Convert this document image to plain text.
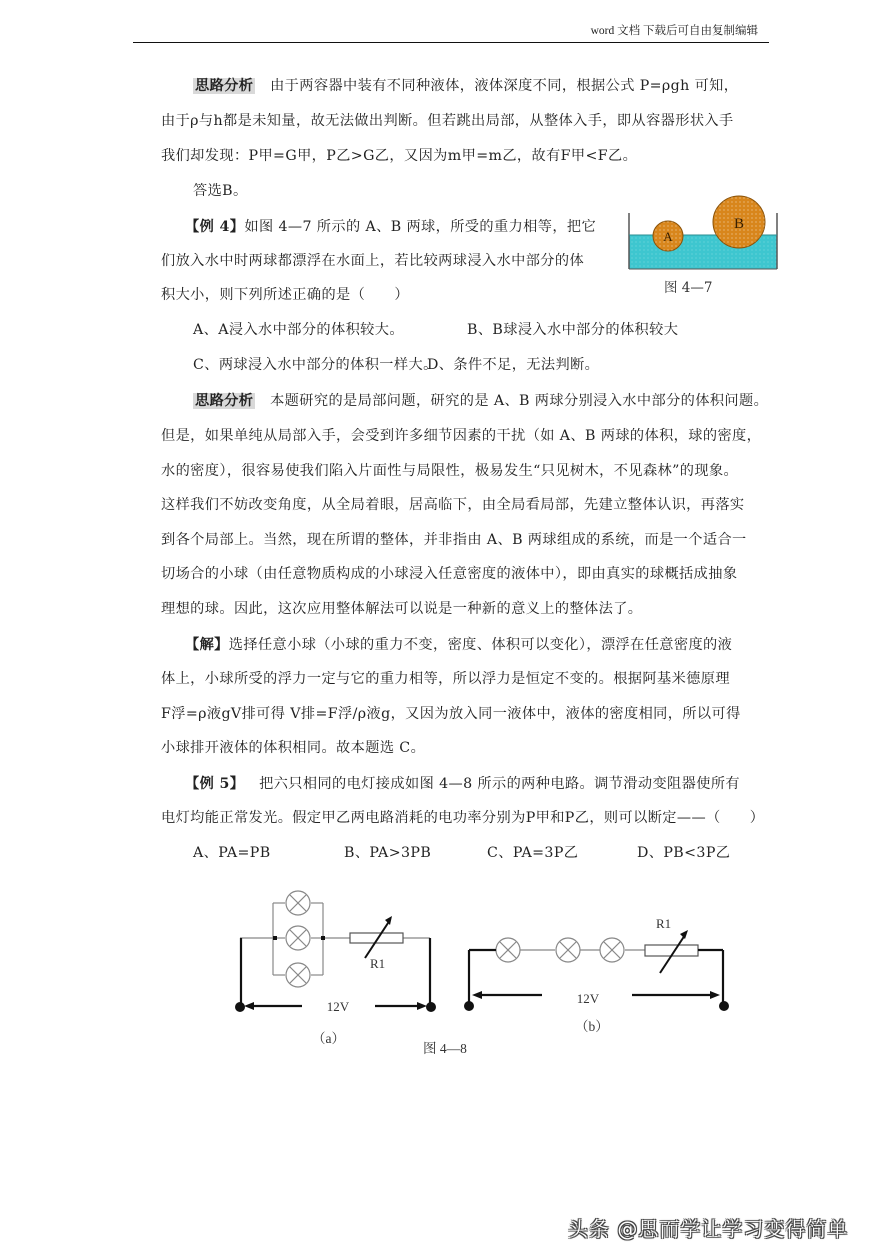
word 文档 下载后可自由复制编辑
思路分析 由于两容器中装有不同种液体，液体深度不同，根据公式 P=ρgh 可知，
由于ρ与h都是未知量，故无法做出判断。但若跳出局部，从整体入手，即从容器形状入手
我们却发现：P甲=G甲，P乙>G乙，又因为m甲=m乙，故有F甲<F乙。
答选B。
【例 4】如图 4—7 所示的 A、B 两球，所受的重力相等，把它
们放入水中时两球都漂浮在水面上，若比较两球浸入水中部分的体
积大小，则下列所述正确的是（　　）
A、A浸入水中部分的体积较大。	B、B球浸入水中部分的体积较大
C、两球浸入水中部分的体积一样大。
D、条件不足，无法判断。
A
B
图 4—7
思路分析 本题研究的是局部问题，研究的是 A、B 两球分别浸入水中部分的体积问题。
但是，如果单纯从局部入手，会受到许多细节因素的干扰（如 A、B 两球的体积，球的密度，
水的密度），很容易使我们陷入片面性与局限性，极易发生“只见树木，不见森林”的现象。
这样我们不妨改变角度，从全局着眼，居高临下，由全局看局部，先建立整体认识，再落实
到各个局部上。当然，现在所谓的整体，并非指由 A、B 两球组成的系统，而是一个适合一
切场合的小球（由任意物质构成的小球浸入任意密度的液体中），即由真实的球概括成抽象
理想的球。因此，这次应用整体解法可以说是一种新的意义上的整体法了。
【解】选择任意小球（小球的重力不变，密度、体积可以变化），漂浮在任意密度的液
体上，小球所受的浮力一定与它的重力相等，所以浮力是恒定不变的。根据阿基米德原理
F浮=ρ液gV排可得 V排=F浮/ρ液g，又因为放入同一液体中，液体的密度相同，所以可得
小球排开液体的体积相同。故本题选 C。
【例 5】 把六只相同的电灯接成如图 4—8 所示的两种电路。调节滑动变阻器使所有
电灯均能正常发光。假定甲乙两电路消耗的电功率分别为P甲和P乙，则可以断定——（　　）
A、PA=PB	B、PA>3PB	C、PA=3P乙	D、PB<3P乙
R1
12V
（a）
R1
12V
（b）
图 4—8
头条 @思而学让学习变得简单
